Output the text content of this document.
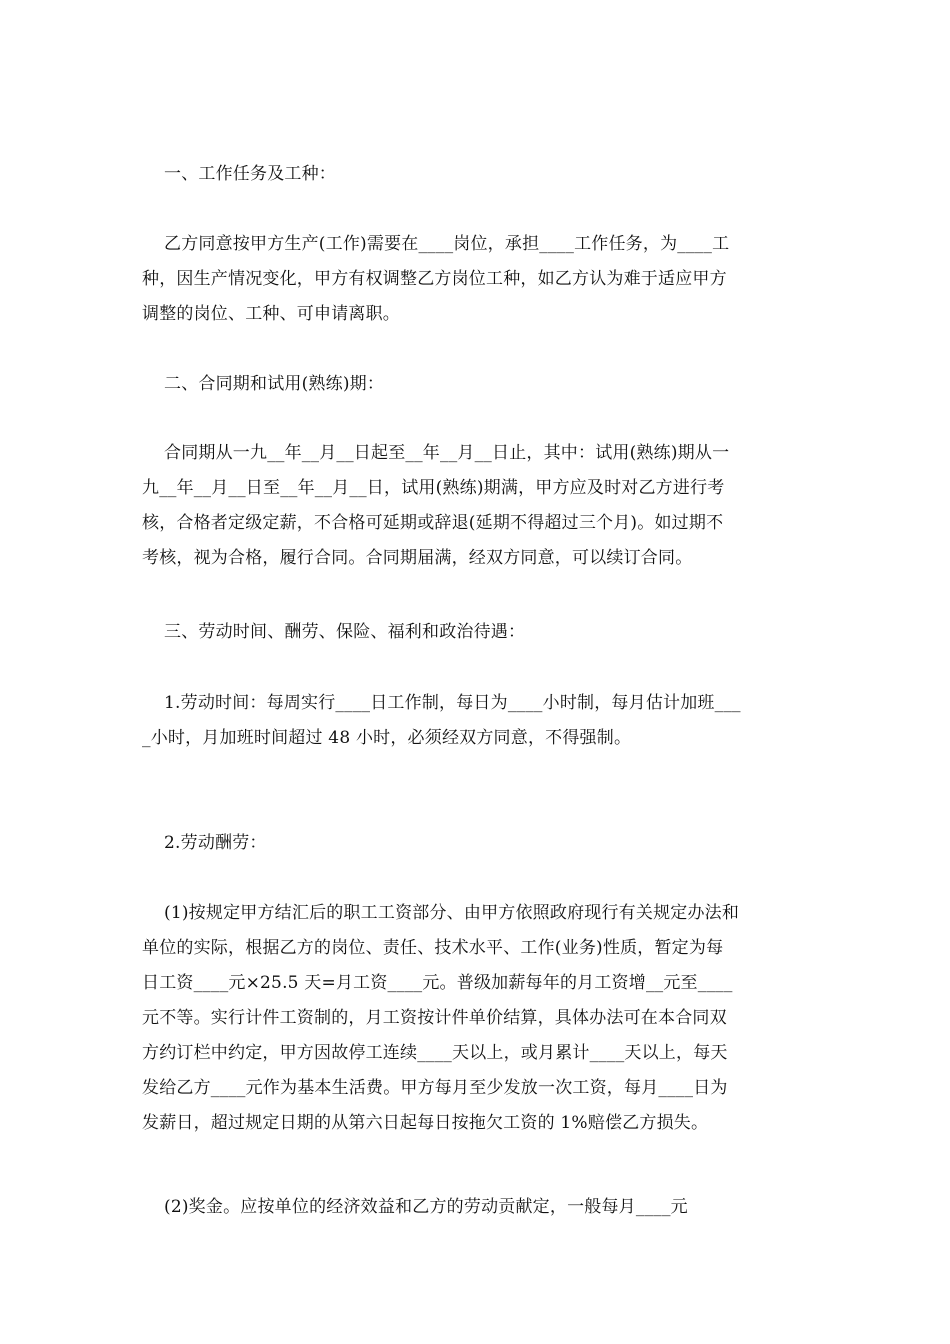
一、工作任务及工种：

乙方同意按甲方生产(工作)需要在____岗位，承担____工作任务，为____工
种，因生产情况变化，甲方有权调整乙方岗位工种，如乙方认为难于适应甲方
调整的岗位、工种、可申请离职。

二、合同期和试用(熟练)期：

合同期从一九__年__月__日起至__年__月__日止，其中：试用(熟练)期从一
九__年__月__日至__年__月__日，试用(熟练)期满，甲方应及时对乙方进行考
核，合格者定级定薪，不合格可延期或辞退(延期不得超过三个月)。如过期不
考核，视为合格，履行合同。合同期届满，经双方同意，可以续订合同。

三、劳动时间、酬劳、保险、福利和政治待遇：

1.劳动时间：每周实行____日工作制，每日为____小时制，每月估计加班___
_小时，月加班时间超过 48 小时，必须经双方同意，不得强制。

2.劳动酬劳：

(1)按规定甲方结汇后的职工工资部分、由甲方依照政府现行有关规定办法和
单位的实际，根据乙方的岗位、责任、技术水平、工作(业务)性质，暂定为每
日工资____元×25.5 天=月工资____元。普级加薪每年的月工资增__元至____
元不等。实行计件工资制的，月工资按计件单价结算，具体办法可在本合同双
方约订栏中约定，甲方因故停工连续____天以上，或月累计____天以上，每天
发给乙方____元作为基本生活费。甲方每月至少发放一次工资，每月____日为
发薪日，超过规定日期的从第六日起每日按拖欠工资的 1%赔偿乙方损失。
(2)奖金。应按单位的经济效益和乙方的劳动贡献定，一般每月____元
